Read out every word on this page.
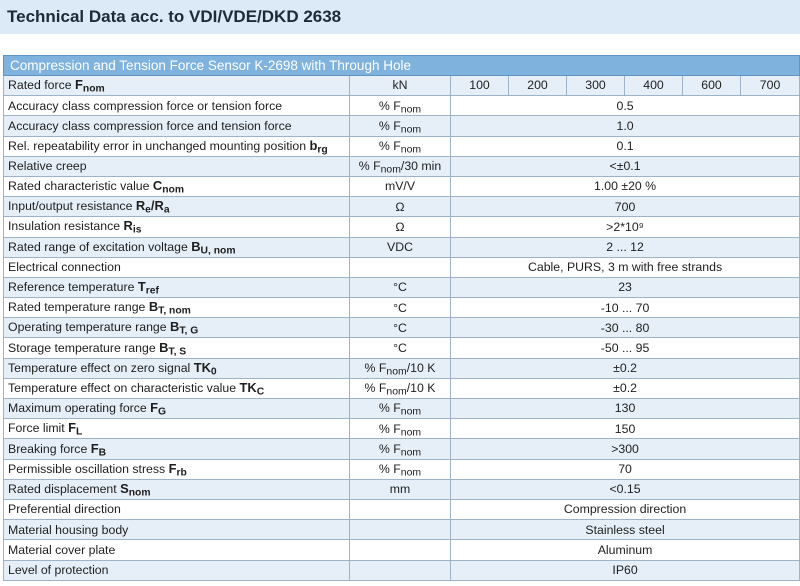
Technical Data acc. to VDI/VDE/DKD 2638
Compression and Tension Force Sensor K-2698 with Through Hole							
Rated force $F_{nom}$	kN	100	200	300	400	600	700
Accuracy class compression force or tension force	% $F_{nom}$	0.5					
Accuracy class compression force and tension force	% $F_{nom}$	1.0					
Rel. repeatability error in unchanged mounting position $b_{rg}$	% $F_{nom}$	0.1					
Relative creep	% $F_{nom}/30$ min	<±0.1					
Rated characteristic value $C_{nom}$	mV/V	1.00 ±20 %					
Input/output resistance $R_e/R_a$	Ω	700					
Insulation resistance $R_{is}$	Ω	>2*10⁹					
Rated range of excitation voltage $B_{U, nom}$	VDC	2 ... 12					
Electrical connection		Cable, PURS, 3 m with free strands					
Reference temperature $T_{ref}$	°C	23					
Rated temperature range $B_{T, nom}$	°C	-10 ... 70					
Operating temperature range $B_{T, G}$	°C	-30 ... 80					
Storage temperature range $B_{T, S}$	°C	-50 ... 95					
Temperature effect on zero signal $TK_0$	% $F_{nom}/10$ K	±0.2					
Temperature effect on characteristic value $TK_C$	% $F_{nom}/10$ K	±0.2					
Maximum operating force $F_G$	% $F_{nom}$	130					
Force limit $F_L$	% $F_{nom}$	150					
Breaking force $F_B$	% $F_{nom}$	>300					
Permissible oscillation stress $F_{rb}$	% $F_{nom}$	70					
Rated displacement $S_{nom}$	mm	<0.15					
Preferential direction		Compression direction					
Material housing body		Stainless steel					
Material cover plate		Aluminum					
Level of protection		IP60					
